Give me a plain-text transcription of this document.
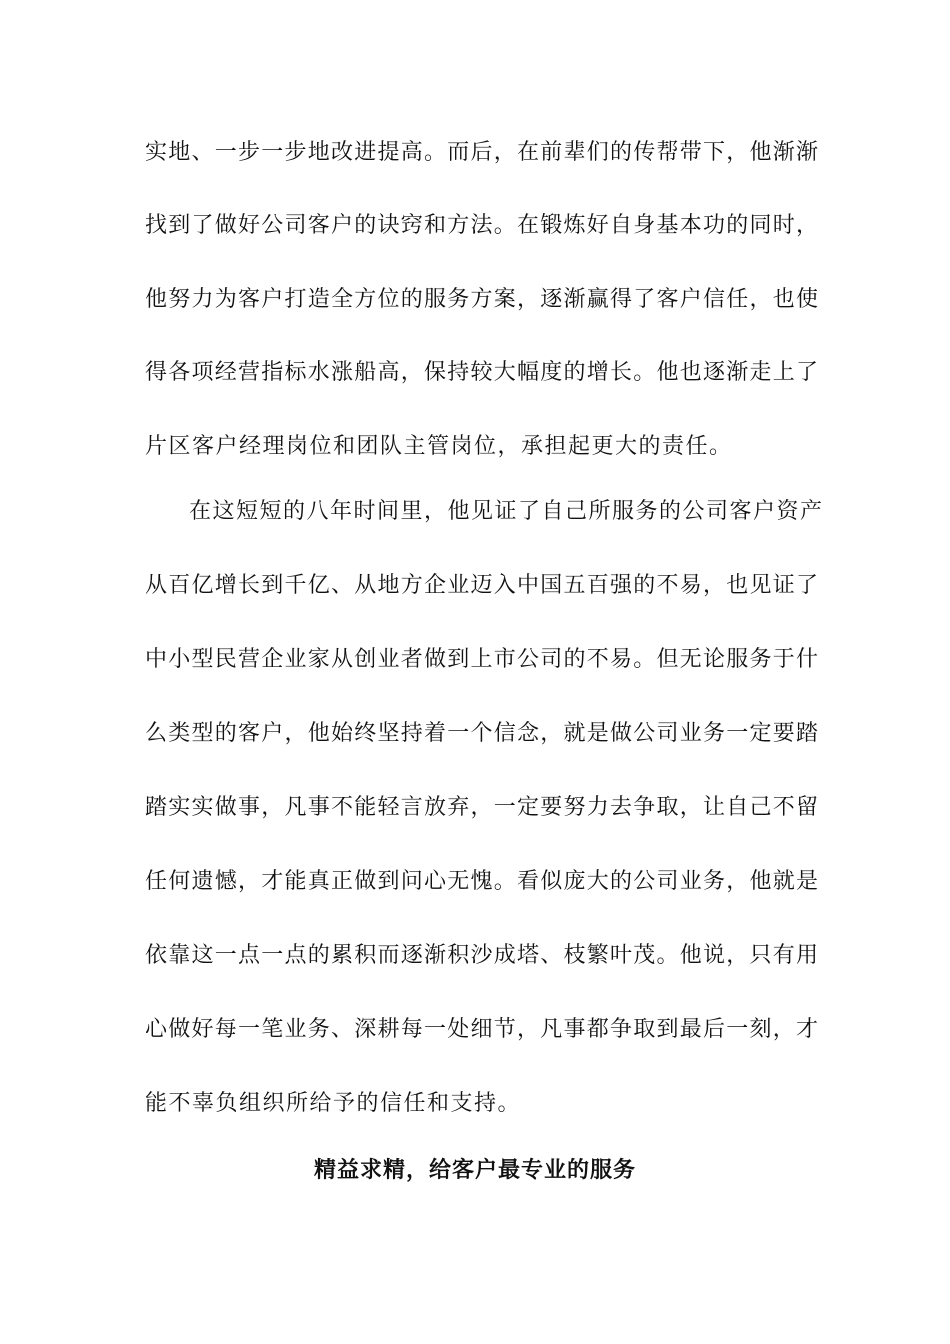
实地、一步一步地改进提高。而后，在前辈们的传帮带下，他渐渐
找到了做好公司客户的诀窍和方法。在锻炼好自身基本功的同时，
他努力为客户打造全方位的服务方案，逐渐赢得了客户信任，也使
得各项经营指标水涨船高，保持较大幅度的增长。他也逐渐走上了
片区客户经理岗位和团队主管岗位，承担起更大的责任。
在这短短的八年时间里，他见证了自己所服务的公司客户资产
从百亿增长到千亿、从地方企业迈入中国五百强的不易，也见证了
中小型民营企业家从创业者做到上市公司的不易。但无论服务于什
么类型的客户，他始终坚持着一个信念，就是做公司业务一定要踏
踏实实做事，凡事不能轻言放弃，一定要努力去争取，让自己不留
任何遗憾，才能真正做到问心无愧。看似庞大的公司业务，他就是
依靠这一点一点的累积而逐渐积沙成塔、枝繁叶茂。他说，只有用
心做好每一笔业务、深耕每一处细节，凡事都争取到最后一刻，才
能不辜负组织所给予的信任和支持。
精益求精，给客户最专业的服务
